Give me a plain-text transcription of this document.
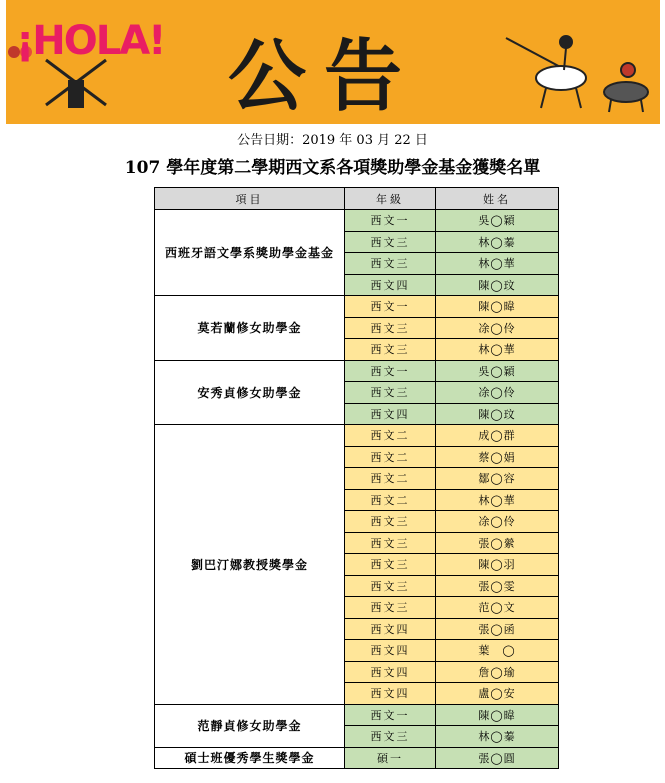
¡HOLA! 公告
公告日期：2019 年 03 月 22 日
107 學年度第二學期西文系各項獎助學金基金獲獎名單
項目	年級	姓名
西班牙語文學系獎助學金基金	西文一	吳◯穎
	西文三	林◯蓁
	西文三	林◯華
	西文四	陳◯玟
莫若蘭修女助學金	西文一	陳◯暐
	西文三	凃◯伶
	西文三	林◯華
安秀貞修女助學金	西文一	吳◯穎
	西文三	凃◯伶
	西文四	陳◯玟
劉巴汀娜教授獎學金	西文二	成◯群
	西文二	蔡◯娟
	西文二	鄒◯容
	西文二	林◯華
	西文三	凃◯伶
	西文三	張◯縈
	西文三	陳◯羽
	西文三	張◯雯
	西文三	范◯文
	西文四	張◯函
	西文四	葉　◯
	西文四	詹◯瑜
	西文四	盧◯安
范靜貞修女助學金	西文一	陳◯暐
	西文三	林◯蓁
碩士班優秀學生獎學金	碩一	張◯圓
